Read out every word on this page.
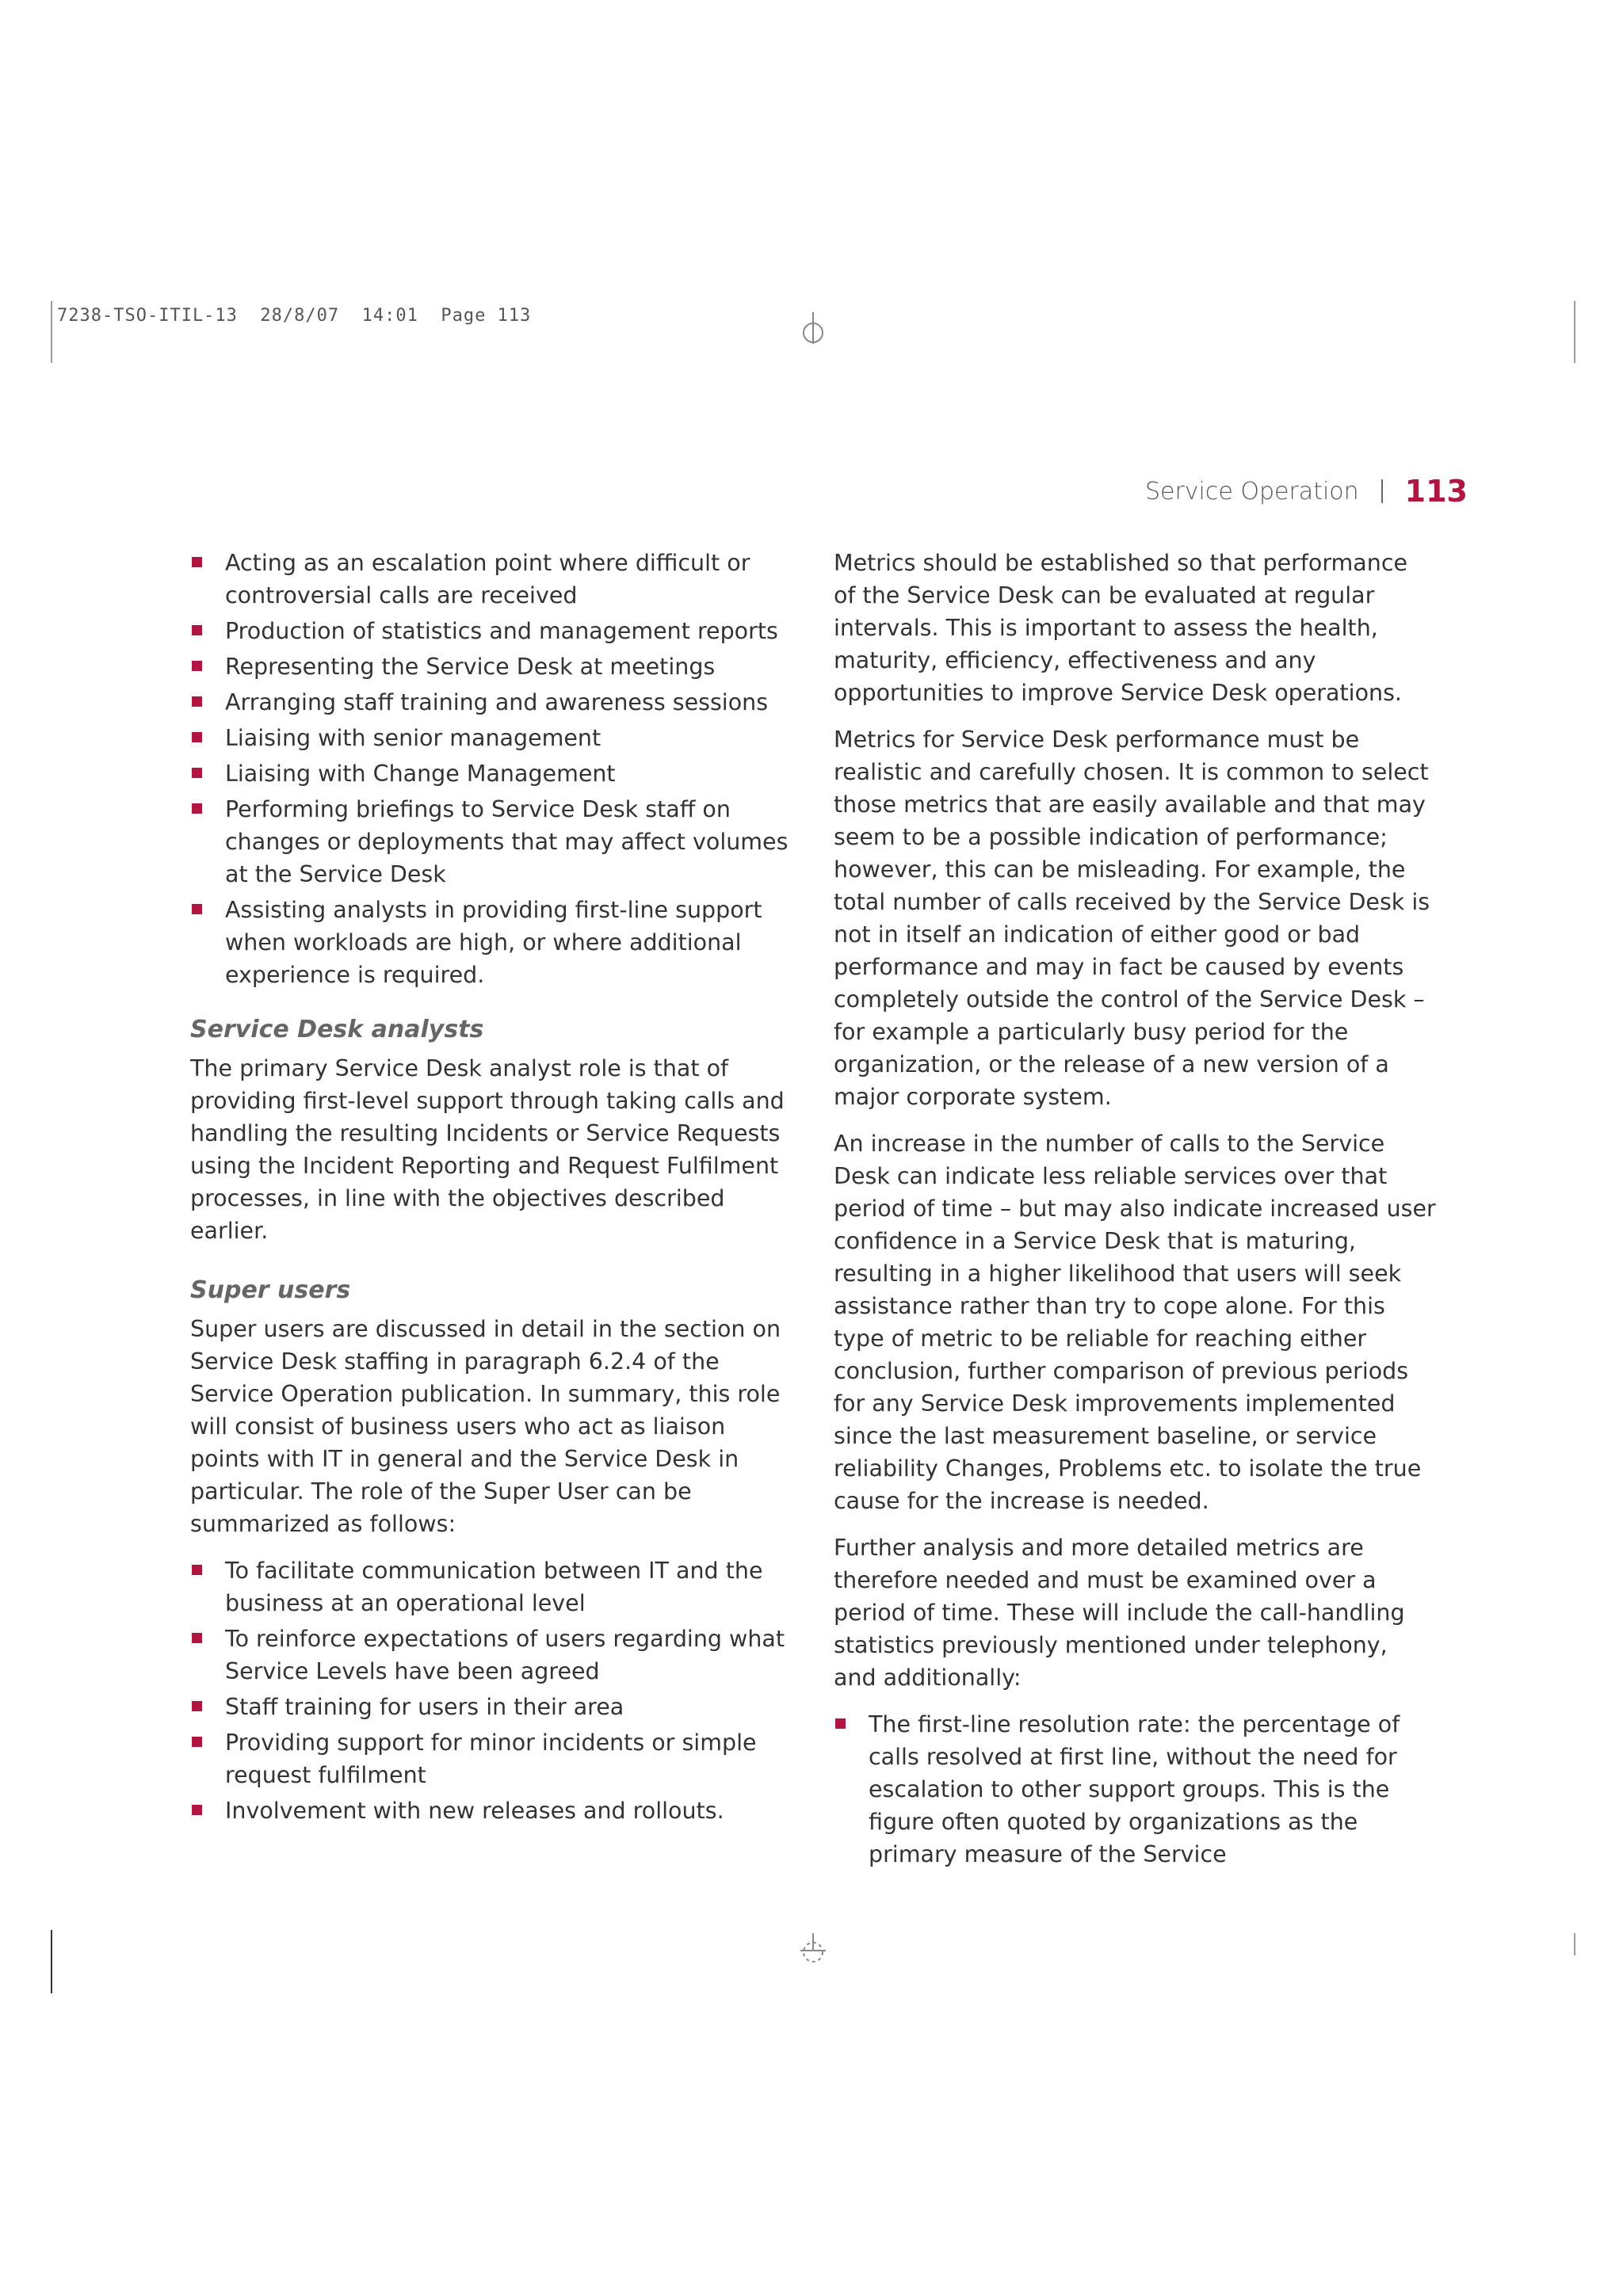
7238-TSO-ITIL-13  28/8/07  14:01  Page 113
Service Operation 113
Acting as an escalation point where difficult or controversial calls are received
Production of statistics and management reports
Representing the Service Desk at meetings
Arranging staff training and awareness sessions
Liaising with senior management
Liaising with Change Management
Performing briefings to Service Desk staff on changes or deployments that may affect volumes at the Service Desk
Assisting analysts in providing first-line support when workloads are high, or where additional experience is required.
Service Desk analysts

The primary Service Desk analyst role is that of providing first-level support through taking calls and handling the resulting Incidents or Service Requests using the Incident Reporting and Request Fulfilment processes, in line with the objectives described earlier.

Super users

Super users are discussed in detail in the section on Service Desk staffing in paragraph 6.2.4 of the Service Operation publication. In summary, this role will consist of business users who act as liaison points with IT in general and the Service Desk in particular. The role of the Super User can be summarized as follows:

To facilitate communication between IT and the business at an operational level
To reinforce expectations of users regarding what Service Levels have been agreed
Staff training for users in their area
Providing support for minor incidents or simple request fulfilment
Involvement with new releases and rollouts.

Metrics should be established so that performance of the Service Desk can be evaluated at regular intervals. This is important to assess the health, maturity, efficiency, effectiveness and any opportunities to improve Service Desk operations.

Metrics for Service Desk performance must be realistic and carefully chosen. It is common to select those metrics that are easily available and that may seem to be a possible indication of performance; however, this can be misleading. For example, the total number of calls received by the Service Desk is not in itself an indication of either good or bad performance and may in fact be caused by events completely outside the control of the Service Desk – for example a particularly busy period for the organization, or the release of a new version of a major corporate system.

An increase in the number of calls to the Service Desk can indicate less reliable services over that period of time – but may also indicate increased user confidence in a Service Desk that is maturing, resulting in a higher likelihood that users will seek assistance rather than try to cope alone. For this type of metric to be reliable for reaching either conclusion, further comparison of previous periods for any Service Desk improvements implemented since the last measurement baseline, or service reliability Changes, Problems etc. to isolate the true cause for the increase is needed.

Further analysis and more detailed metrics are therefore needed and must be examined over a period of time. These will include the call-handling statistics previously mentioned under telephony, and additionally:

The first-line resolution rate: the percentage of calls resolved at first line, without the need for escalation to other support groups. This is the figure often quoted by organizations as the primary measure of the Service
